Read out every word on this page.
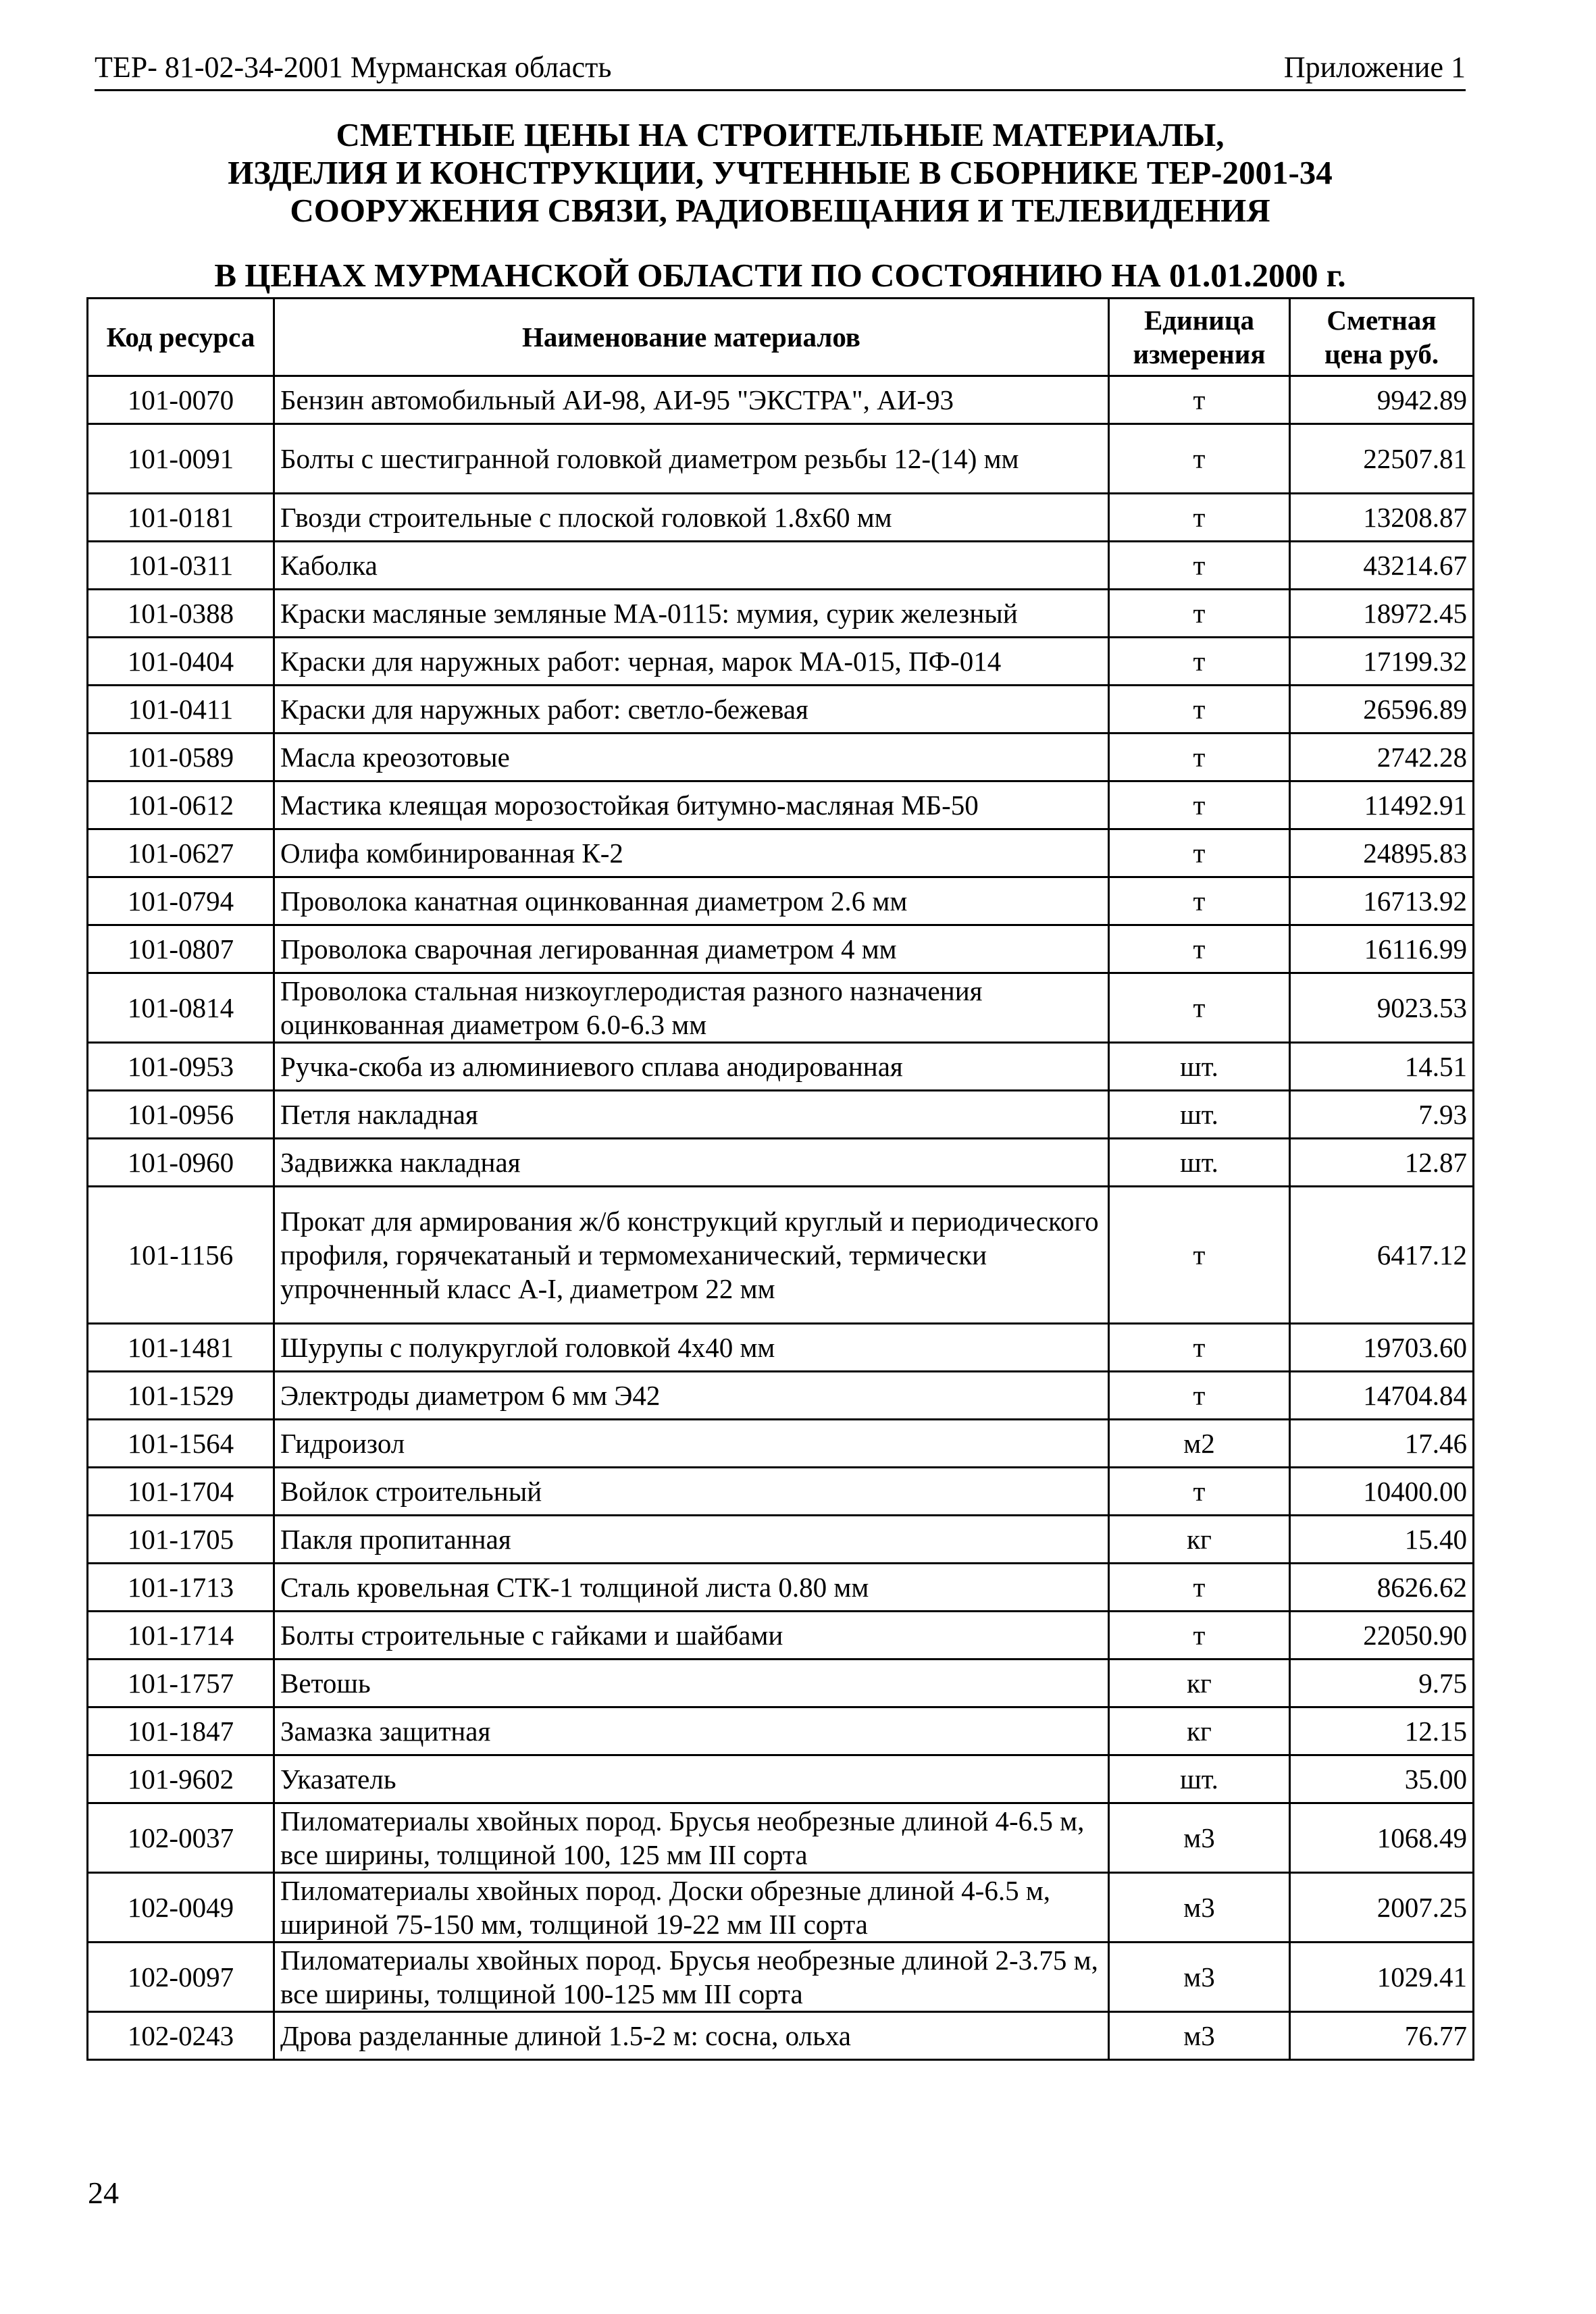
ТЕР- 81-02-34-2001 Мурманская область	Приложение 1
СМЕТНЫЕ ЦЕНЫ НА СТРОИТЕЛЬНЫЕ МАТЕРИАЛЫ,
ИЗДЕЛИЯ И КОНСТРУКЦИИ, УЧТЕННЫЕ В СБОРНИКЕ ТЕР-2001-34
СООРУЖЕНИЯ СВЯЗИ, РАДИОВЕЩАНИЯ И ТЕЛЕВИДЕНИЯ
В ЦЕНАХ МУРМАНСКОЙ ОБЛАСТИ ПО СОСТОЯНИЮ НА 01.01.2000 г.
Код ресурса	Наименование материалов	Единица измерения	Сметная цена руб.
101-0070	Бензин автомобильный АИ-98, АИ-95 "ЭКСТРА", АИ-93	т	9942.89
101-0091	Болты с шестигранной головкой диаметром резьбы 12-(14) мм	т	22507.81
101-0181	Гвозди строительные с плоской головкой 1.8х60 мм	т	13208.87
101-0311	Каболка	т	43214.67
101-0388	Краски масляные земляные МА-0115: мумия, сурик железный	т	18972.45
101-0404	Краски для наружных работ: черная, марок МА-015, ПФ-014	т	17199.32
101-0411	Краски для наружных работ: светло-бежевая	т	26596.89
101-0589	Масла креозотовые	т	2742.28
101-0612	Мастика клеящая морозостойкая битумно-масляная МБ-50	т	11492.91
101-0627	Олифа комбинированная К-2	т	24895.83
101-0794	Проволока канатная оцинкованная диаметром 2.6 мм	т	16713.92
101-0807	Проволока сварочная легированная диаметром 4 мм	т	16116.99
101-0814	Проволока стальная низкоуглеродистая разного назначения оцинкованная диаметром 6.0-6.3 мм	т	9023.53
101-0953	Ручка-скоба из алюминиевого сплава анодированная	шт.	14.51
101-0956	Петля накладная	шт.	7.93
101-0960	Задвижка накладная	шт.	12.87
101-1156	Прокат для армирования ж/б конструкций круглый и периодического профиля, горячекатаный и термомеханический, термически упрочненный класс А-I, диаметром 22 мм	т	6417.12
101-1481	Шурупы с полукруглой головкой 4х40 мм	т	19703.60
101-1529	Электроды диаметром 6 мм Э42	т	14704.84
101-1564	Гидроизол	м2	17.46
101-1704	Войлок строительный	т	10400.00
101-1705	Пакля пропитанная	кг	15.40
101-1713	Сталь кровельная СТК-1 толщиной листа 0.80 мм	т	8626.62
101-1714	Болты строительные с гайками и шайбами	т	22050.90
101-1757	Ветошь	кг	9.75
101-1847	Замазка защитная	кг	12.15
101-9602	Указатель	шт.	35.00
102-0037	Пиломатериалы хвойных пород. Брусья необрезные длиной 4-6.5 м, все ширины, толщиной 100, 125 мм III сорта	м3	1068.49
102-0049	Пиломатериалы хвойных пород. Доски обрезные длиной 4-6.5 м, шириной 75-150 мм, толщиной 19-22 мм III сорта	м3	2007.25
102-0097	Пиломатериалы хвойных пород. Брусья необрезные длиной 2-3.75 м, все ширины, толщиной 100-125 мм III сорта	м3	1029.41
102-0243	Дрова разделанные длиной 1.5-2 м: сосна, ольха	м3	76.77
24
